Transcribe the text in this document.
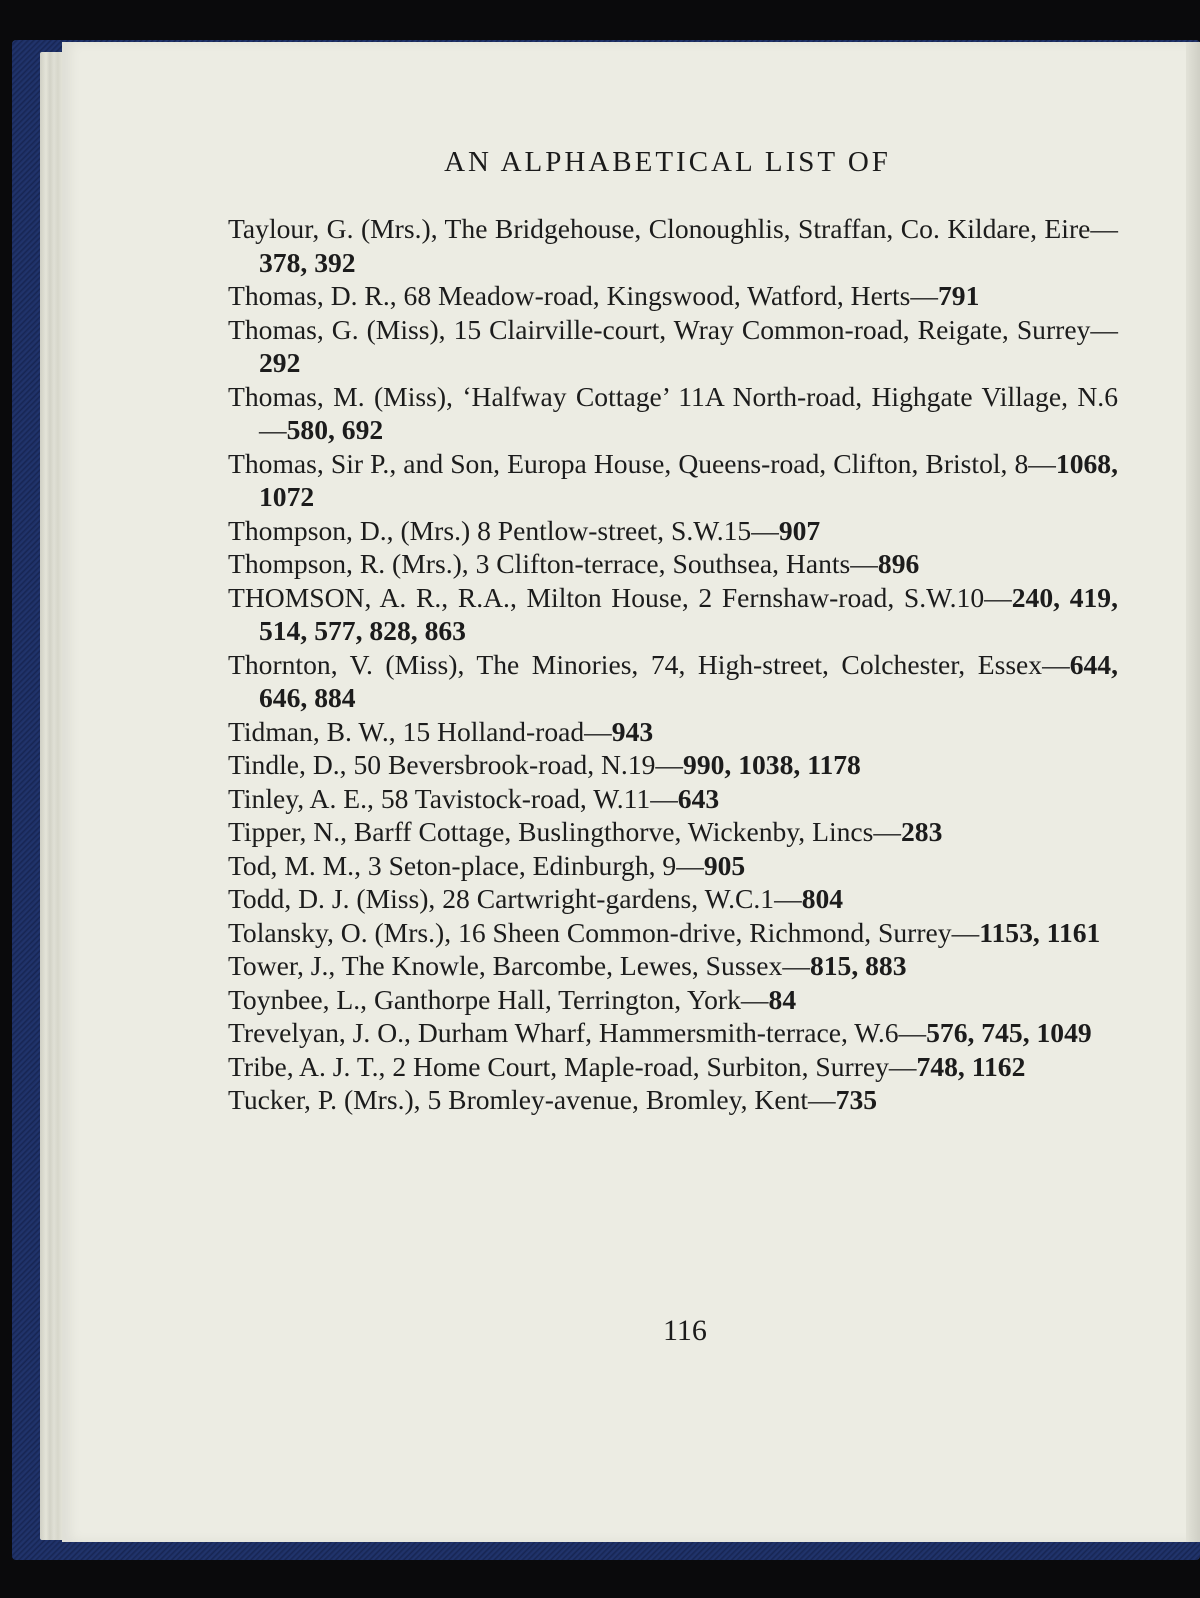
AN ALPHABETICAL LIST OF
Taylour, G. (Mrs.), The Bridgehouse, Clonoughlis, Straffan, Co. Kildare, Eire—378, 392
Thomas, D. R., 68 Meadow-road, Kingswood, Watford, Herts—791
Thomas, G. (Miss), 15 Clairville-court, Wray Common-road, Reigate, Surrey—292
Thomas, M. (Miss), ‘Halfway Cottage’ 11A North-road, Highgate Village, N.6—580, 692
Thomas, Sir P., and Son, Europa House, Queens-road, Clifton, Bristol, 8—1068, 1072
Thompson, D., (Mrs.) 8 Pentlow-street, S.W.15—907
Thompson, R. (Mrs.), 3 Clifton-terrace, Southsea, Hants—896
THOMSON, A. R., R.A., Milton House, 2 Fernshaw-road, S.W.10—240, 419, 514, 577, 828, 863
Thornton, V. (Miss), The Minories, 74, High-street, Colchester, Essex—644, 646, 884
Tidman, B. W., 15 Holland-road—943
Tindle, D., 50 Beversbrook-road, N.19—990, 1038, 1178
Tinley, A. E., 58 Tavistock-road, W.11—643
Tipper, N., Barff Cottage, Buslingthorve, Wickenby, Lincs—283
Tod, M. M., 3 Seton-place, Edinburgh, 9—905
Todd, D. J. (Miss), 28 Cartwright-gardens, W.C.1—804
Tolansky, O. (Mrs.), 16 Sheen Common-drive, Richmond, Surrey—1153, 1161
Tower, J., The Knowle, Barcombe, Lewes, Sussex—815, 883
Toynbee, L., Ganthorpe Hall, Terrington, York—84
Trevelyan, J. O., Durham Wharf, Hammersmith-terrace, W.6—576, 745, 1049
Tribe, A. J. T., 2 Home Court, Maple-road, Surbiton, Surrey—748, 1162
Tucker, P. (Mrs.), 5 Bromley-avenue, Bromley, Kent—735
116
